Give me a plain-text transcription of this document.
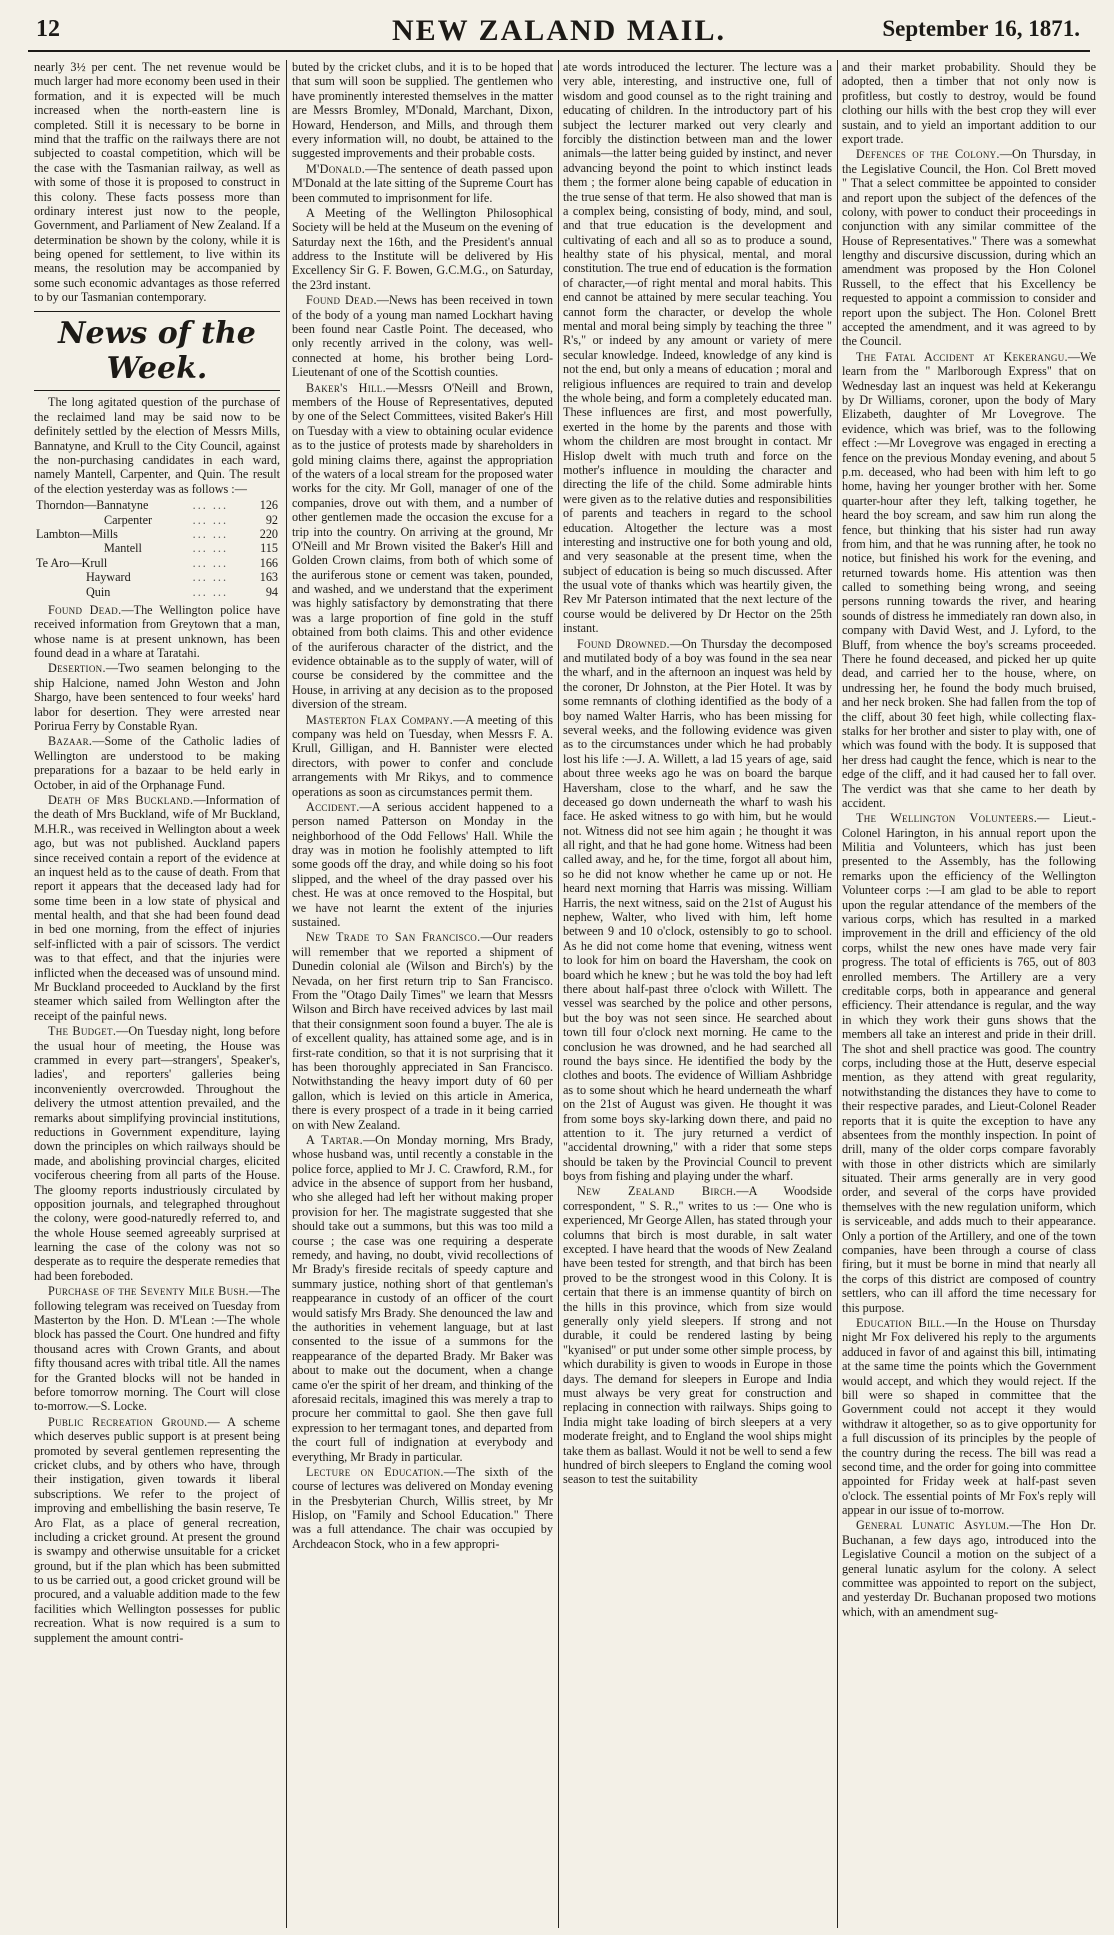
12	NEW ZALAND MAIL.	September 16, 1871.

nearly 3½ per cent. The net revenue would be much larger had more economy been used in their formation, and it is expected will be much increased when the north-eastern line is completed. Still it is necessary to be borne in mind that the traffic on the railways there are not subjected to coastal competition, which will be the case with the Tasmanian railway, as well as with some of those it is proposed to construct in this colony. These facts possess more than ordinary interest just now to the people, Government, and Parliament of New Zealand. If a determination be shown by the colony, while it is being opened for settlement, to live within its means, the resolution may be accompanied by some such economic advantages as those referred to by our Tasmanian contemporary.

News of the Week.

The long agitated question of the purchase of the reclaimed land may be said now to be definitely settled by the election of Messrs Mills, Bannatyne, and Krull to the City Council, against the non-purchasing candidates in each ward, namely Mantell, Carpenter, and Quin. The result of the election yesterday was as follows :—

Thorndon—Bannatyne	... ...	126
Carpenter	... ...	92
Lambton—Mills	... ...	220
Mantell	... ...	115
Te Aro—Krull	... ...	166
Hayward	... ...	163
Quin	... ...	94

Found Dead.—The Wellington police have received information from Greytown that a man, whose name is at present unknown, has been found dead in a whare at Taratahi.

Desertion.—Two seamen belonging to the ship Halcione, named John Weston and John Shargo, have been sentenced to four weeks' hard labor for desertion. They were arrested near Porirua Ferry by Constable Ryan.

Bazaar.—Some of the Catholic ladies of Wellington are understood to be making preparations for a bazaar to be held early in October, in aid of the Orphanage Fund.

Death of Mrs Buckland.—Information of the death of Mrs Buckland, wife of Mr Buckland, M.H.R., was received in Wellington about a week ago, but was not published. Auckland papers since received contain a report of the evidence at an inquest held as to the cause of death. From that report it appears that the deceased lady had for some time been in a low state of physical and mental health, and that she had been found dead in bed one morning, from the effect of injuries self-inflicted with a pair of scissors. The verdict was to that effect, and that the injuries were inflicted when the deceased was of unsound mind. Mr Buckland proceeded to Auckland by the first steamer which sailed from Wellington after the receipt of the painful news.

The Budget.—On Tuesday night, long before the usual hour of meeting, the House was crammed in every part—strangers', Speaker's, ladies', and reporters' galleries being inconveniently overcrowded. Throughout the delivery the utmost attention prevailed, and the remarks about simplifying provincial institutions, reductions in Government expenditure, laying down the principles on which railways should be made, and abolishing provincial charges, elicited vociferous cheering from all parts of the House. The gloomy reports industriously circulated by opposition journals, and telegraphed throughout the colony, were good-naturedly referred to, and the whole House seemed agreeably surprised at learning the case of the colony was not so desperate as to require the desperate remedies that had been foreboded.

Purchase of the Seventy Mile Bush.—The following telegram was received on Tuesday from Masterton by the Hon. D. M'Lean :—The whole block has passed the Court. One hundred and fifty thousand acres with Crown Grants, and about fifty thousand acres with tribal title. All the names for the Granted blocks will not be handed in before tomorrow morning. The Court will close to-morrow.—S. Locke.

Public Recreation Ground.— A scheme which deserves public support is at present being promoted by several gentlemen representing the cricket clubs, and by others who have, through their instigation, given towards it liberal subscriptions. We refer to the project of improving and embellishing the basin reserve, Te Aro Flat, as a place of general recreation, including a cricket ground. At present the ground is swampy and otherwise unsuitable for a cricket ground, but if the plan which has been submitted to us be carried out, a good cricket ground will be procured, and a valuable addition made to the few facilities which Wellington possesses for public recreation. What is now required is a sum to supplement the amount contri-

buted by the cricket clubs, and it is to be hoped that that sum will soon be supplied. The gentlemen who have prominently interested themselves in the matter are Messrs Bromley, M'Donald, Marchant, Dixon, Howard, Henderson, and Mills, and through them every information will, no doubt, be attained to the suggested improvements and their probable costs.

M'Donald.—The sentence of death passed upon M'Donald at the late sitting of the Supreme Court has been commuted to imprisonment for life.

A Meeting of the Wellington Philosophical Society will be held at the Museum on the evening of Saturday next the 16th, and the President's annual address to the Institute will be delivered by His Excellency Sir G. F. Bowen, G.C.M.G., on Saturday, the 23rd instant.

Found Dead.—News has been received in town of the body of a young man named Lockhart having been found near Castle Point. The deceased, who only recently arrived in the colony, was well-connected at home, his brother being Lord-Lieutenant of one of the Scottish counties.

Baker's Hill.—Messrs O'Neill and Brown, members of the House of Representatives, deputed by one of the Select Committees, visited Baker's Hill on Tuesday with a view to obtaining ocular evidence as to the justice of protests made by shareholders in gold mining claims there, against the appropriation of the waters of a local stream for the proposed water works for the city. Mr Goll, manager of one of the companies, drove out with them, and a number of other gentlemen made the occasion the excuse for a trip into the country. On arriving at the ground, Mr O'Neill and Mr Brown visited the Baker's Hill and Golden Crown claims, from both of which some of the auriferous stone or cement was taken, pounded, and washed, and we understand that the experiment was highly satisfactory by demonstrating that there was a large proportion of fine gold in the stuff obtained from both claims. This and other evidence of the auriferous character of the district, and the evidence obtainable as to the supply of water, will of course be considered by the committee and the House, in arriving at any decision as to the proposed diversion of the stream.

Masterton Flax Company.—A meeting of this company was held on Tuesday, when Messrs F. A. Krull, Gilligan, and H. Bannister were elected directors, with power to confer and conclude arrangements with Mr Rikys, and to commence operations as soon as circumstances permit them.

Accident.—A serious accident happened to a person named Patterson on Monday in the neighborhood of the Odd Fellows' Hall. While the dray was in motion he foolishly attempted to lift some goods off the dray, and while doing so his foot slipped, and the wheel of the dray passed over his chest. He was at once removed to the Hospital, but we have not learnt the extent of the injuries sustained.

New Trade to San Francisco.—Our readers will remember that we reported a shipment of Dunedin colonial ale (Wilson and Birch's) by the Nevada, on her first return trip to San Francisco. From the "Otago Daily Times" we learn that Messrs Wilson and Birch have received advices by last mail that their consignment soon found a buyer. The ale is of excellent quality, has attained some age, and is in first-rate condition, so that it is not surprising that it has been thoroughly appreciated in San Francisco. Notwithstanding the heavy import duty of 60 per gallon, which is levied on this article in America, there is every prospect of a trade in it being carried on with New Zealand.

A Tartar.—On Monday morning, Mrs Brady, whose husband was, until recently a constable in the police force, applied to Mr J. C. Crawford, R.M., for advice in the absence of support from her husband, who she alleged had left her without making proper provision for her. The magistrate suggested that she should take out a summons, but this was too mild a course ; the case was one requiring a desperate remedy, and having, no doubt, vivid recollections of Mr Brady's fireside recitals of speedy capture and summary justice, nothing short of that gentleman's reappearance in custody of an officer of the court would satisfy Mrs Brady. She denounced the law and the authorities in vehement language, but at last consented to the issue of a summons for the reappearance of the departed Brady. Mr Baker was about to make out the document, when a change came o'er the spirit of her dream, and thinking of the aforesaid recitals, imagined this was merely a trap to procure her committal to gaol. She then gave full expression to her termagant tones, and departed from the court full of indignation at everybody and everything, Mr Brady in particular.

Lecture on Education.—The sixth of the course of lectures was delivered on Monday evening in the Presbyterian Church, Willis street, by Mr Hislop, on "Family and School Education." There was a full attendance. The chair was occupied by Archdeacon Stock, who in a few appropri-

ate words introduced the lecturer. The lecture was a very able, interesting, and instructive one, full of wisdom and good counsel as to the right training and educating of children. In the introductory part of his subject the lecturer marked out very clearly and forcibly the distinction between man and the lower animals—the latter being guided by instinct, and never advancing beyond the point to which instinct leads them ; the former alone being capable of education in the true sense of that term. He also showed that man is a complex being, consisting of body, mind, and soul, and that true education is the development and cultivating of each and all so as to produce a sound, healthy state of his physical, mental, and moral constitution. The true end of education is the formation of character,—of right mental and moral habits. This end cannot be attained by mere secular teaching. You cannot form the character, or develop the whole mental and moral being simply by teaching the three " R's," or indeed by any amount or variety of mere secular knowledge. Indeed, knowledge of any kind is not the end, but only a means of education ; moral and religious influences are required to train and develop the whole being, and form a completely educated man. These influences are first, and most powerfully, exerted in the home by the parents and those with whom the children are most brought in contact. Mr Hislop dwelt with much truth and force on the mother's influence in moulding the character and directing the life of the child. Some admirable hints were given as to the relative duties and responsibilities of parents and teachers in regard to the school education. Altogether the lecture was a most interesting and instructive one for both young and old, and very seasonable at the present time, when the subject of education is being so much discussed. After the usual vote of thanks which was heartily given, the Rev Mr Paterson intimated that the next lecture of the course would be delivered by Dr Hector on the 25th instant.

Found Drowned.—On Thursday the decomposed and mutilated body of a boy was found in the sea near the wharf, and in the afternoon an inquest was held by the coroner, Dr Johnston, at the Pier Hotel. It was by some remnants of clothing identified as the body of a boy named Walter Harris, who has been missing for several weeks, and the following evidence was given as to the circumstances under which he had probably lost his life :—J. A. Willett, a lad 15 years of age, said about three weeks ago he was on board the barque Haversham, close to the wharf, and he saw the deceased go down underneath the wharf to wash his face. He asked witness to go with him, but he would not. Witness did not see him again ; he thought it was all right, and that he had gone home. Witness had been called away, and he, for the time, forgot all about him, so he did not know whether he came up or not. He heard next morning that Harris was missing. William Harris, the next witness, said on the 21st of August his nephew, Walter, who lived with him, left home between 9 and 10 o'clock, ostensibly to go to school. As he did not come home that evening, witness went to look for him on board the Haversham, the cook on board which he knew ; but he was told the boy had left there about half-past three o'clock with Willett. The vessel was searched by the police and other persons, but the boy was not seen since. He searched about town till four o'clock next morning. He came to the conclusion he was drowned, and he had searched all round the bays since. He identified the body by the clothes and boots. The evidence of William Ashbridge as to some shout which he heard underneath the wharf on the 21st of August was given. He thought it was from some boys sky-larking down there, and paid no attention to it. The jury returned a verdict of "accidental drowning," with a rider that some steps should be taken by the Provincial Council to prevent boys from fishing and playing under the wharf.

New Zealand Birch.—A Woodside correspondent, " S. R.," writes to us :— One who is experienced, Mr George Allen, has stated through your columns that birch is most durable, in salt water excepted. I have heard that the woods of New Zealand have been tested for strength, and that birch has been proved to be the strongest wood in this Colony. It is certain that there is an immense quantity of birch on the hills in this province, which from size would generally only yield sleepers. If strong and not durable, it could be rendered lasting by being "kyanised" or put under some other simple process, by which durability is given to woods in Europe in those days. The demand for sleepers in Europe and India must always be very great for construction and replacing in connection with railways. Ships going to India might take loading of birch sleepers at a very moderate freight, and to England the wool ships might take them as ballast. Would it not be well to send a few hundred of birch sleepers to England the coming wool season to test the suitability

and their market probability. Should they be adopted, then a timber that not only now is profitless, but costly to destroy, would be found clothing our hills with the best crop they will ever sustain, and to yield an important addition to our export trade.

Defences of the Colony.—On Thursday, in the Legislative Council, the Hon. Col Brett moved " That a select committee be appointed to consider and report upon the subject of the defences of the colony, with power to conduct their proceedings in conjunction with any similar committee of the House of Representatives." There was a somewhat lengthy and discursive discussion, during which an amendment was proposed by the Hon Colonel Russell, to the effect that his Excellency be requested to appoint a commission to consider and report upon the subject. The Hon. Colonel Brett accepted the amendment, and it was agreed to by the Council.

The Fatal Accident at Kekerangu.—We learn from the " Marlborough Express" that on Wednesday last an inquest was held at Kekerangu by Dr Williams, coroner, upon the body of Mary Elizabeth, daughter of Mr Lovegrove. The evidence, which was brief, was to the following effect :—Mr Lovegrove was engaged in erecting a fence on the previous Monday evening, and about 5 p.m. deceased, who had been with him left to go home, having her younger brother with her. Some quarter-hour after they left, talking together, he heard the boy scream, and saw him run along the fence, but thinking that his sister had run away from him, and that he was running after, he took no notice, but finished his work for the evening, and returned towards home. His attention was then called to something being wrong, and seeing persons running towards the river, and hearing sounds of distress he immediately ran down also, in company with David West, and J. Lyford, to the Bluff, from whence the boy's screams proceeded. There he found deceased, and picked her up quite dead, and carried her to the house, where, on undressing her, he found the body much bruised, and her neck broken. She had fallen from the top of the cliff, about 30 feet high, while collecting flax-stalks for her brother and sister to play with, one of which was found with the body. It is supposed that her dress had caught the fence, which is near to the edge of the cliff, and it had caused her to fall over. The verdict was that she came to her death by accident.

The Wellington Volunteers.— Lieut.-Colonel Harington, in his annual report upon the Militia and Volunteers, which has just been presented to the Assembly, has the following remarks upon the efficiency of the Wellington Volunteer corps :—I am glad to be able to report upon the regular attendance of the members of the various corps, which has resulted in a marked improvement in the drill and efficiency of the old corps, whilst the new ones have made very fair progress. The total of efficients is 765, out of 803 enrolled members. The Artillery are a very creditable corps, both in appearance and general efficiency. Their attendance is regular, and the way in which they work their guns shows that the members all take an interest and pride in their drill. The shot and shell practice was good. The country corps, including those at the Hutt, deserve especial mention, as they attend with great regularity, notwithstanding the distances they have to come to their respective parades, and Lieut-Colonel Reader reports that it is quite the exception to have any absentees from the monthly inspection. In point of drill, many of the older corps compare favorably with those in other districts which are similarly situated. Their arms generally are in very good order, and several of the corps have provided themselves with the new regulation uniform, which is serviceable, and adds much to their appearance. Only a portion of the Artillery, and one of the town companies, have been through a course of class firing, but it must be borne in mind that nearly all the corps of this district are composed of country settlers, who can ill afford the time necessary for this purpose.

Education Bill.—In the House on Thursday night Mr Fox delivered his reply to the arguments adduced in favor of and against this bill, intimating at the same time the points which the Government would accept, and which they would reject. If the bill were so shaped in committee that the Government could not accept it they would withdraw it altogether, so as to give opportunity for a full discussion of its principles by the people of the country during the recess. The bill was read a second time, and the order for going into committee appointed for Friday week at half-past seven o'clock. The essential points of Mr Fox's reply will appear in our issue of to-morrow.

General Lunatic Asylum.—The Hon Dr. Buchanan, a few days ago, introduced into the Legislative Council a motion on the subject of a general lunatic asylum for the colony. A select committee was appointed to report on the subject, and yesterday Dr. Buchanan proposed two motions which, with an amendment sug-
